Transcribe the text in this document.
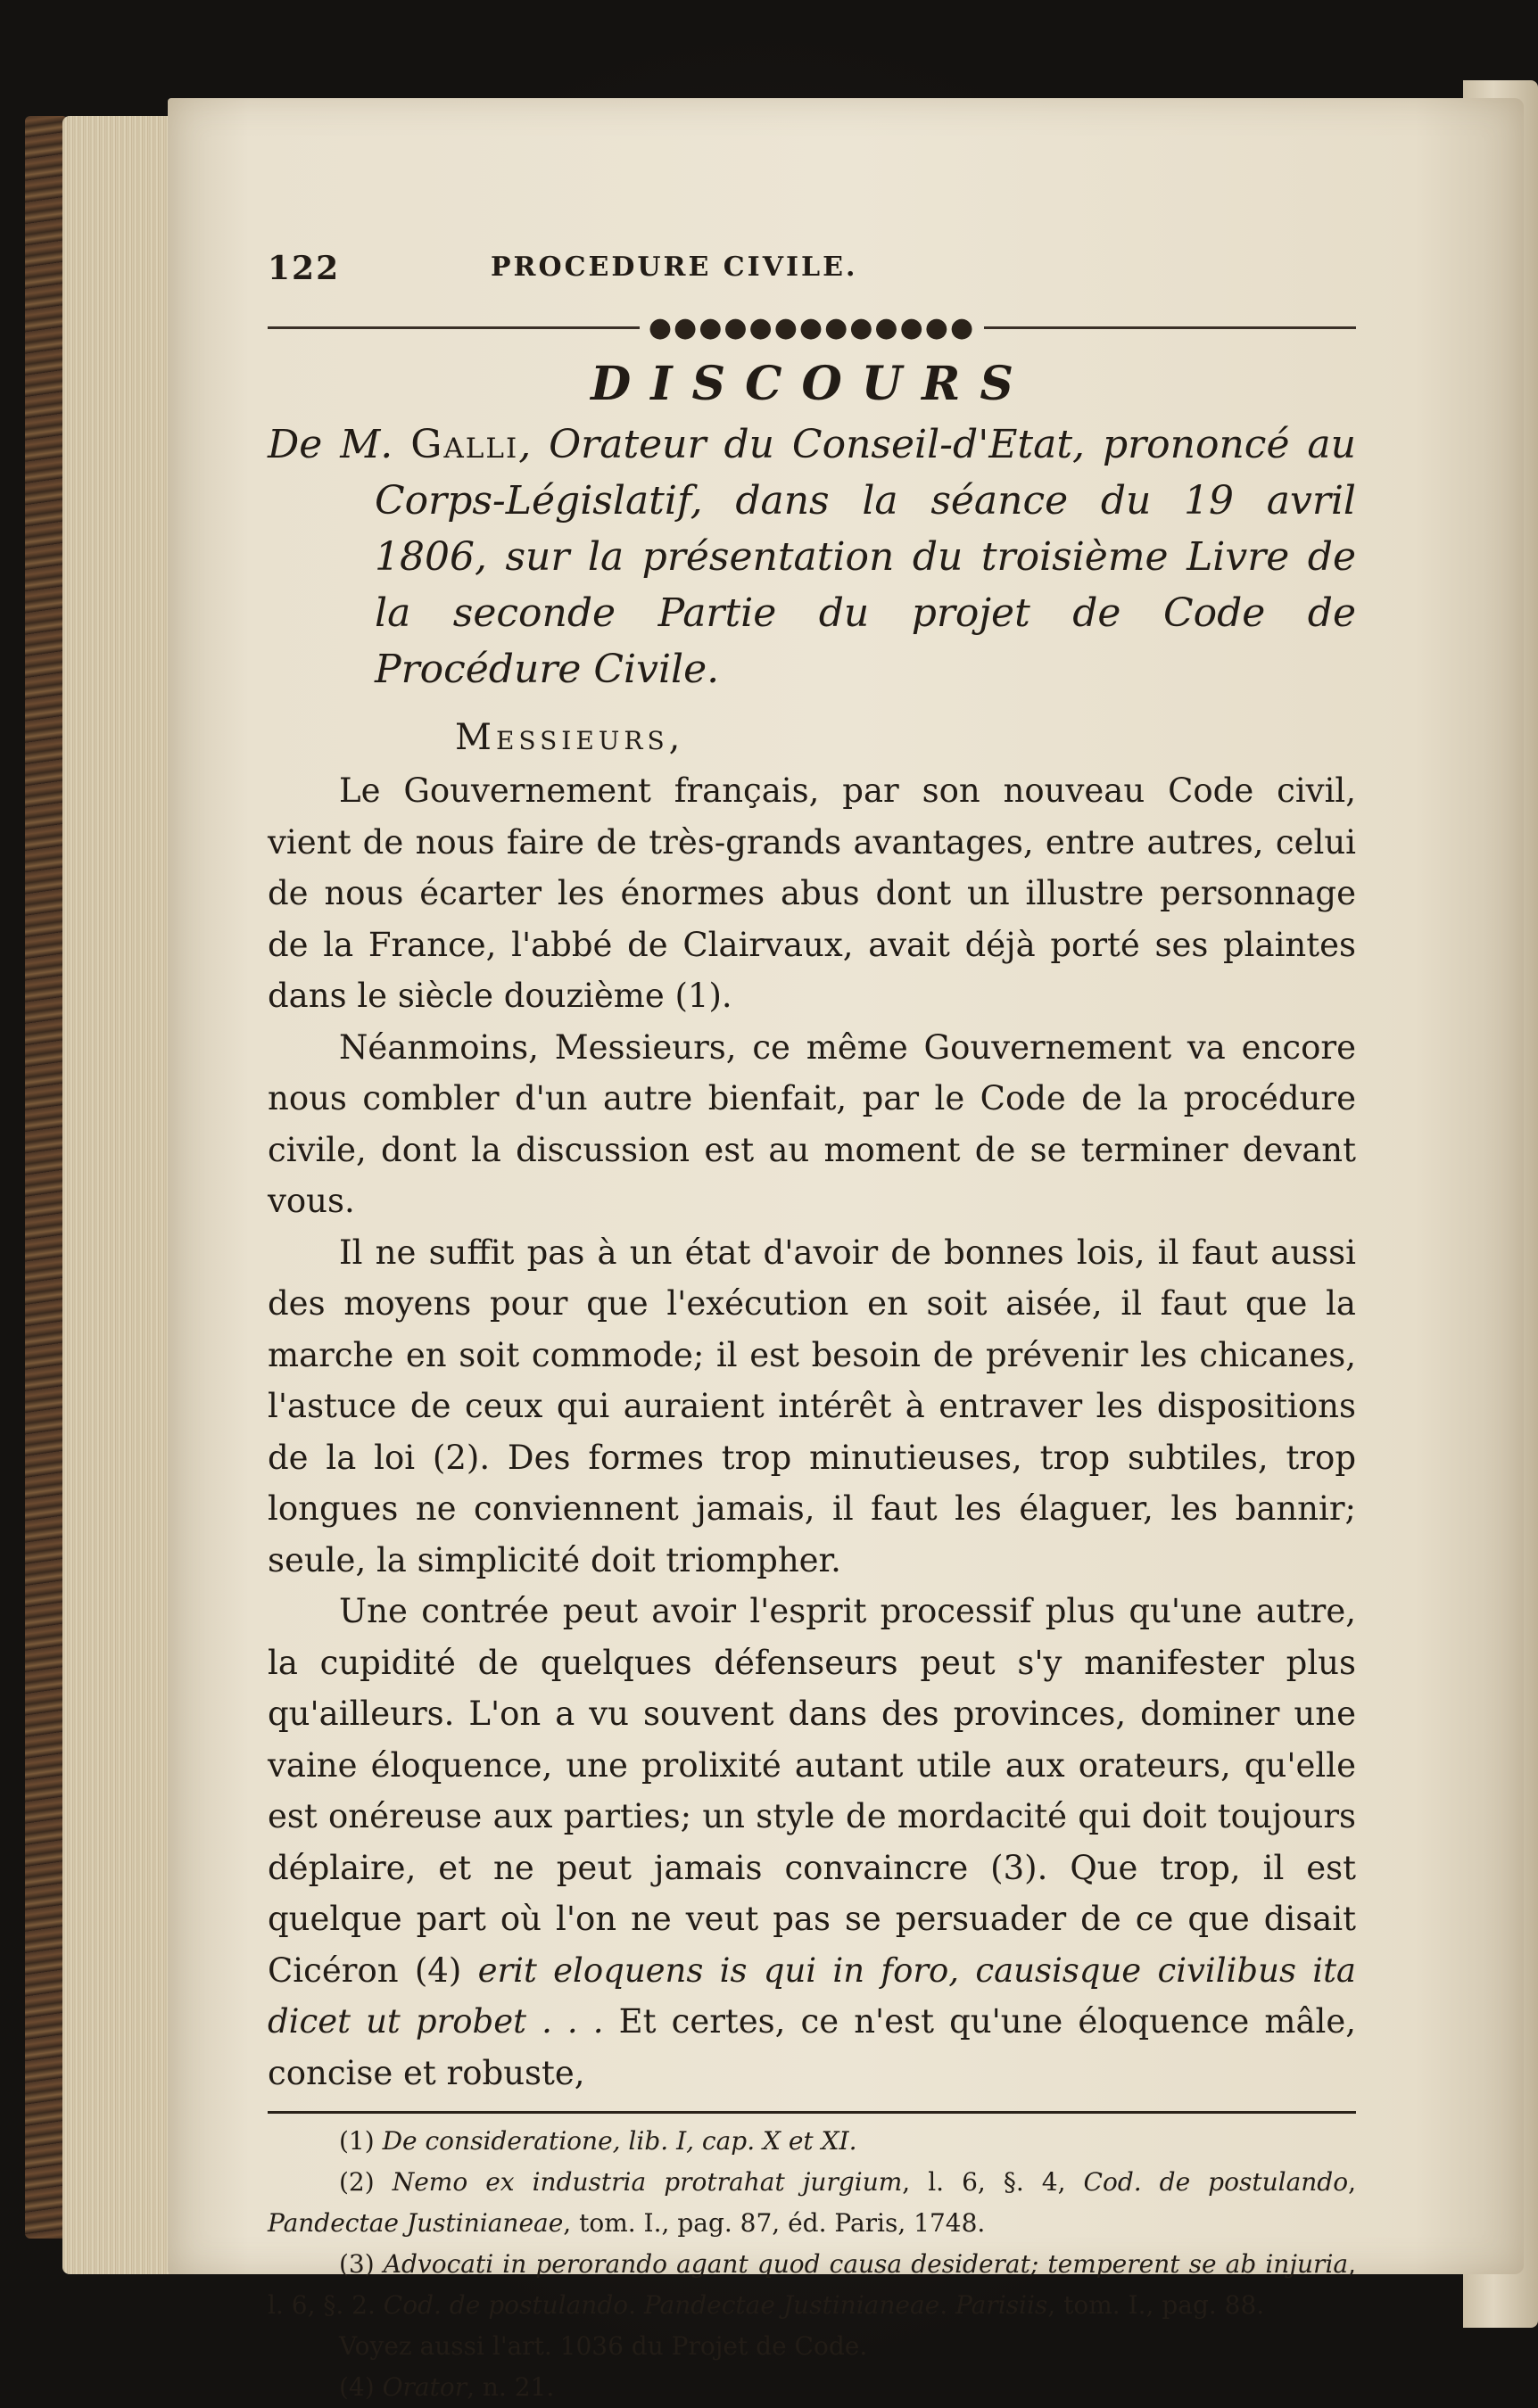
122	PROCEDURE CIVILE.
●●●●●●●●●●●●●
DISCOURS

De M. Galli, Orateur du Conseil-d'Etat, prononcé au Corps-Législatif, dans la séance du 19 avril 1806, sur la présentation du troisième Livre de la seconde Partie du projet de Code de Procédure Civile.

Messieurs,

Le Gouvernement français, par son nouveau Code civil, vient de nous faire de très-grands avantages, entre autres, celui de nous écarter les énormes abus dont un illustre personnage de la France, l'abbé de Clairvaux, avait déjà porté ses plaintes dans le siècle douzième (1).

Néanmoins, Messieurs, ce même Gouvernement va encore nous combler d'un autre bienfait, par le Code de la procédure civile, dont la discussion est au moment de se terminer devant vous.

Il ne suffit pas à un état d'avoir de bonnes lois, il faut aussi des moyens pour que l'exécution en soit aisée, il faut que la marche en soit commode; il est besoin de prévenir les chicanes, l'astuce de ceux qui auraient intérêt à entraver les dispositions de la loi (2). Des formes trop minutieuses, trop subtiles, trop longues ne conviennent jamais, il faut les élaguer, les bannir; seule, la simplicité doit triompher.

Une contrée peut avoir l'esprit processif plus qu'une autre, la cupidité de quelques défenseurs peut s'y manifester plus qu'ailleurs. L'on a vu souvent dans des provinces, dominer une vaine éloquence, une prolixité autant utile aux orateurs, qu'elle est onéreuse aux parties; un style de mordacité qui doit toujours déplaire, et ne peut jamais convaincre (3). Que trop, il est quelque part où l'on ne veut pas se persuader de ce que disait Cicéron (4) erit eloquens is qui in foro, causisque civilibus ita dicet ut probet . . . Et certes, ce n'est qu'une éloquence mâle, concise et robuste,

(1) De consideratione, lib. I, cap. X et XI.

(2) Nemo ex industria protrahat jurgium, l. 6, §. 4, Cod. de postulando, Pandectae Justinianeae, tom. I., pag. 87, éd. Paris, 1748.

(3) Advocati in perorando agant quod causa desiderat; temperent se ab injuria, l. 6, §. 2. Cod. de postulando. Pandectae Justinianeae. Parisiis, tom. I., pag. 88.

Voyez aussi l'art. 1036 du Projet de Code.

(4) Orator, n. 21.
